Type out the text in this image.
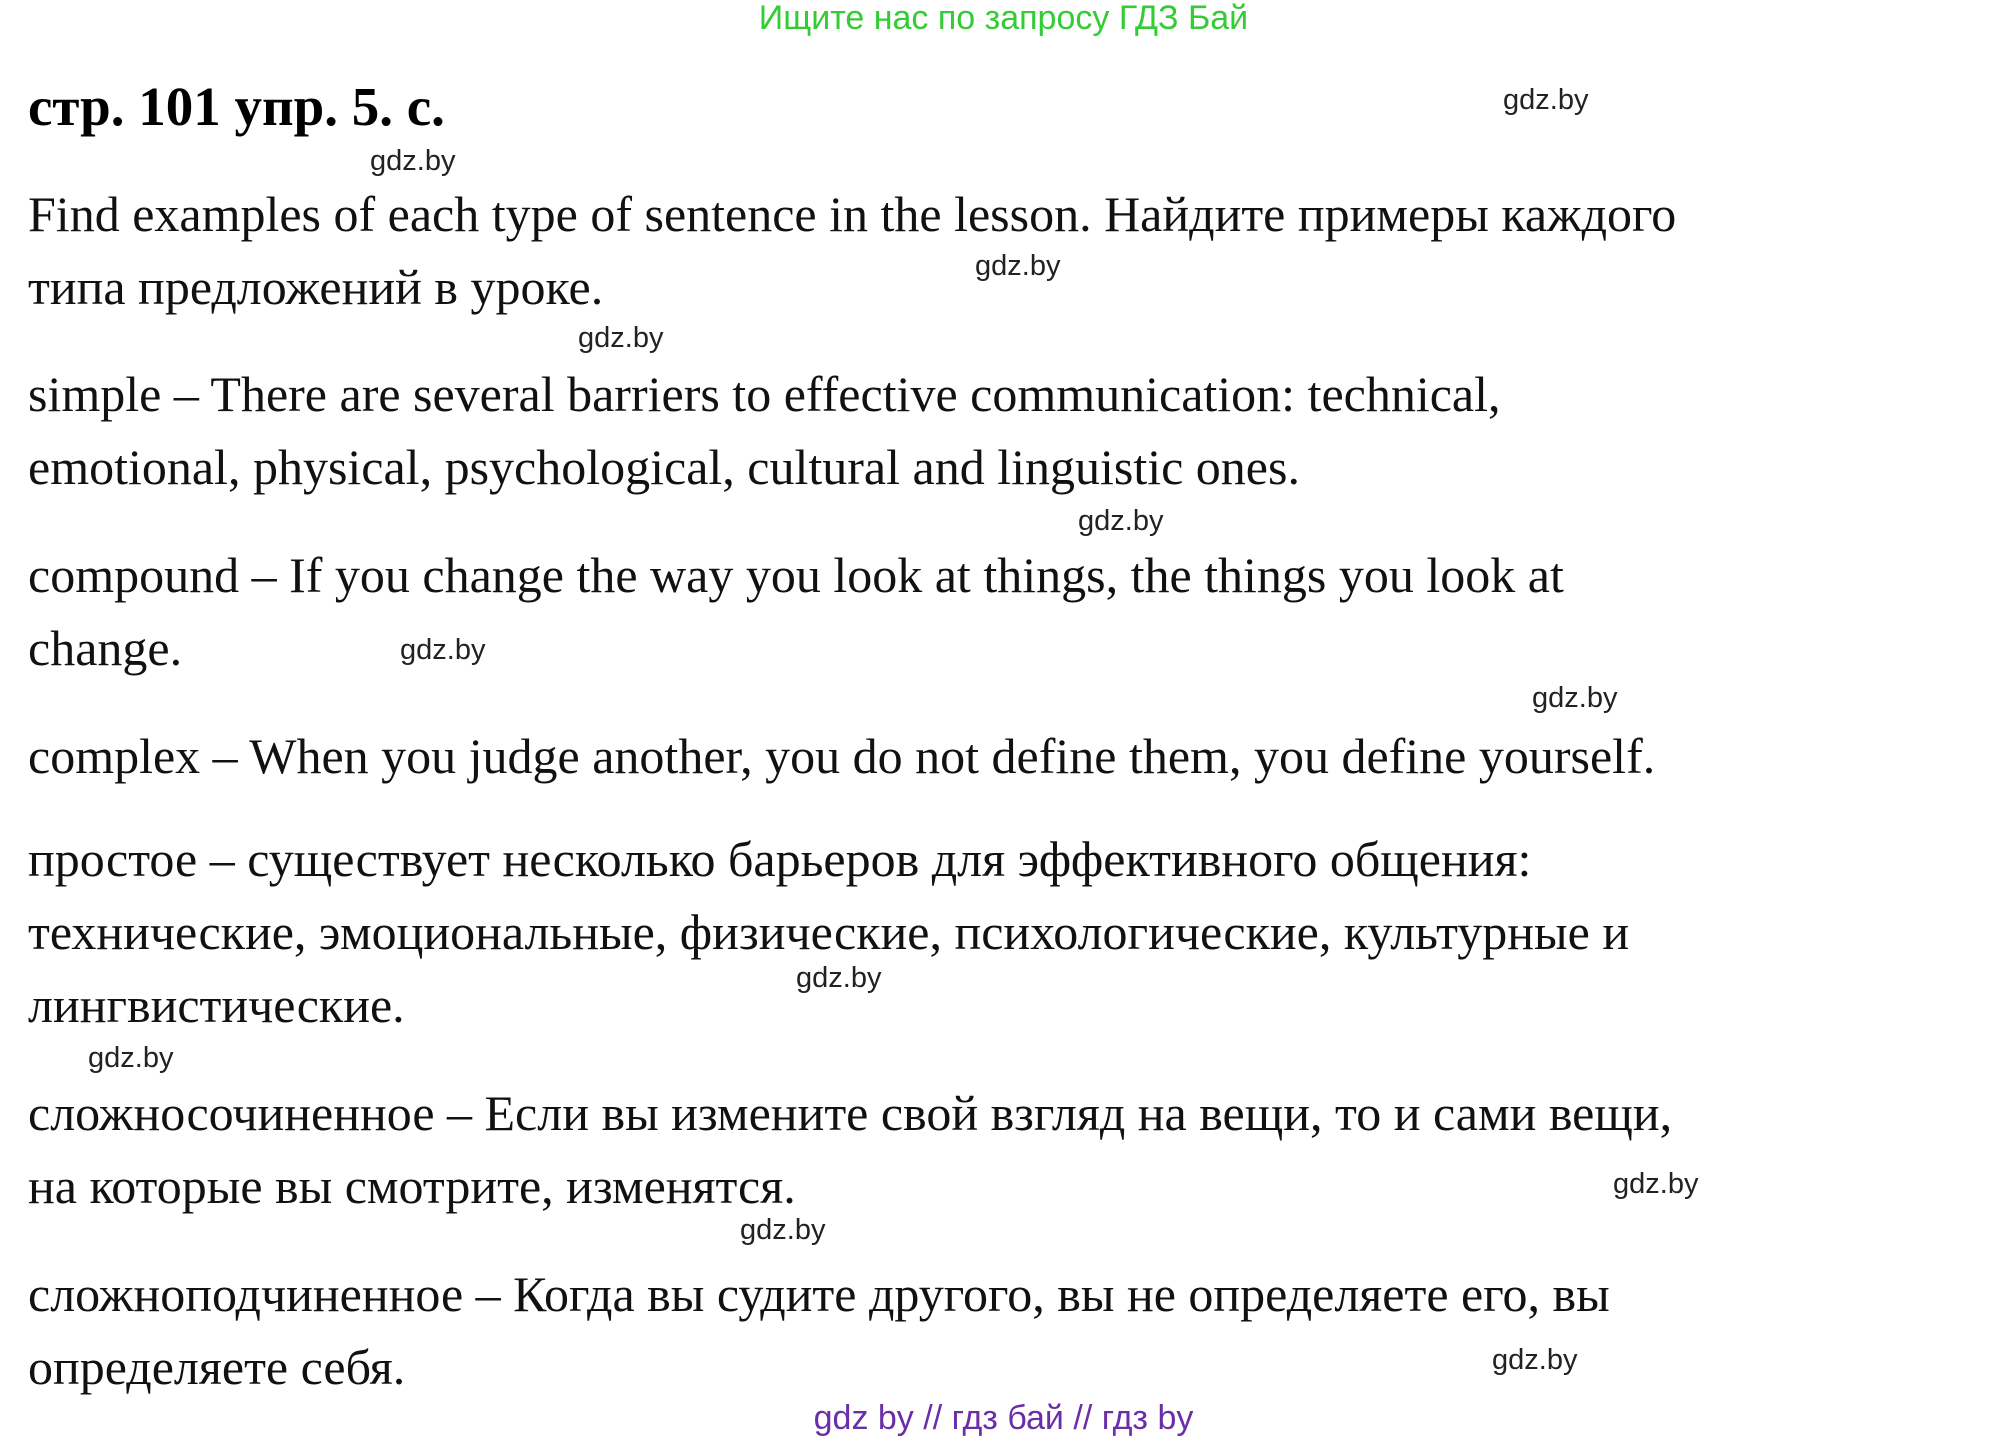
Ищите нас по запросу ГДЗ Бай
стр. 101 упр. 5. с.
Find examples of each type of sentence in the lesson. Найдите примеры каждого
типа предложений в уроке.
simple – There are several barriers to effective communication: technical,
emotional, physical, psychological, cultural and linguistic ones.
compound – If you change the way you look at things, the things you look at
change.
complex – When you judge another, you do not define them, you define yourself.
простое – существует несколько барьеров для эффективного общения:
технические, эмоциональные, физические, психологические, культурные и
лингвистические.
сложносочиненное – Если вы измените свой взгляд на вещи, то и сами вещи,
на которые вы смотрите, изменятся.
сложноподчиненное – Когда вы судите другого, вы не определяете его, вы
определяете себя.
gdz.by
gdz.by
gdz.by
gdz.by
gdz.by
gdz.by
gdz.by
gdz.by
gdz.by
gdz.by
gdz.by
gdz.by
gdz by // гдз бай // гдз by
